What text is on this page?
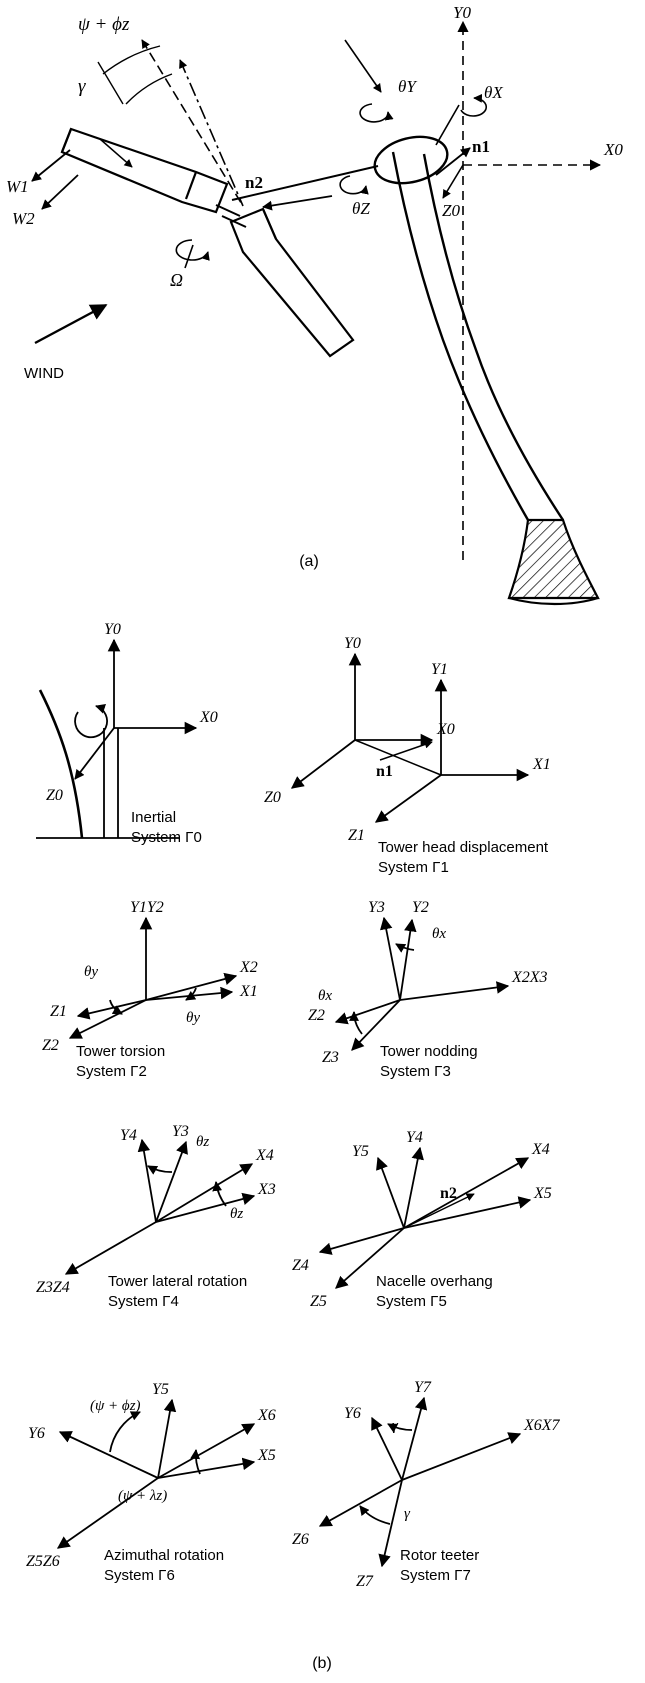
ψ + ϕz
γ
W1
W2
Ω
WIND
n1
n2
θX
θY
θZ
X0
Y0
Z0
(a)
Y0
X0
Z0
Inertial
System Γ0
Y0
Y1
X0
X1
Z0
Z1
n1
Tower head displacement
System Γ1
Y1Y2
X2
X1
Z1
Z2
θy
θy
Tower torsion
System Γ2
Y3 Y2
X2X3
Z2
Z3
θx
θx
Tower nodding
System Γ3
Y3
Y4
X4
X3
Z3Z4
θz
θz
Tower lateral rotation
System Γ4
Y4
Y5	X4
X5
Z4
Z5
n2
Nacelle overhang
System Γ5
Y5
Y6
X6
X5
Z5Z6
(ψ + ϕz)
(ψ + λz)
Azimuthal rotation
System Γ6
Y7
Y6
X6X7
Z6
Z7
γ
γ
Rotor teeter
System Γ7
(b)
